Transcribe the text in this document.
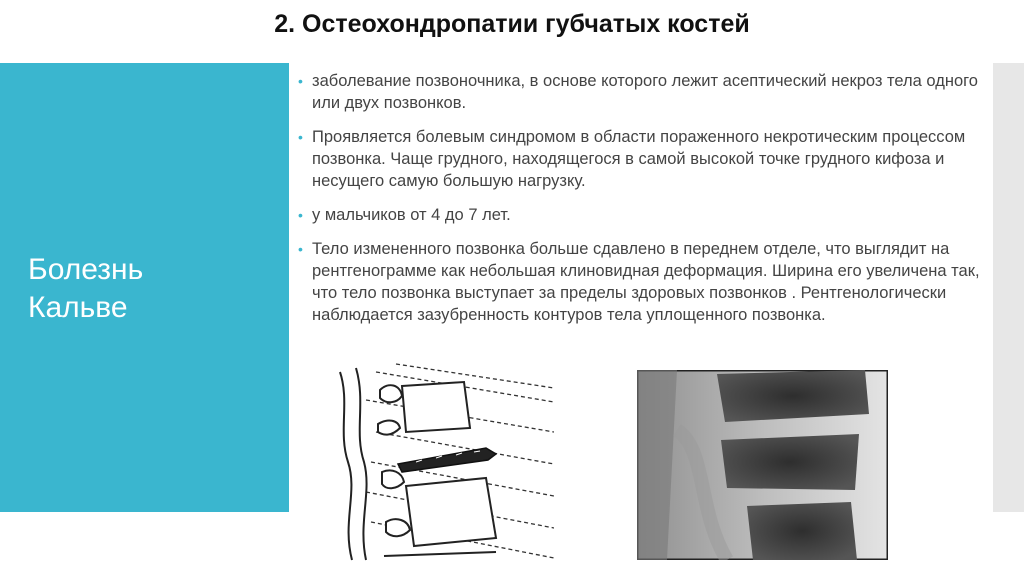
2. Остеохондропатии губчатых костей
Болезнь
Кальве
• заболевание позвоночника, в основе которого лежит асептический некроз тела одного или двух позвонков.
• Проявляется болевым синдромом в области пораженного некротическим процессом позвонка. Чаще грудного, находящегося в самой высокой точке грудного кифоза и несущего самую большую нагрузку.
• у мальчиков от 4 до 7 лет.
• Тело измененного позвонка больше сдавлено в переднем отделе, что выглядит на рентгенограмме как небольшая клиновидная деформация. Ширина его увеличена так, что тело позвонка выступает за пределы здоровых позвонков . Рентгенологически наблюдается зазубренность контуров тела уплощенного позвонка.
